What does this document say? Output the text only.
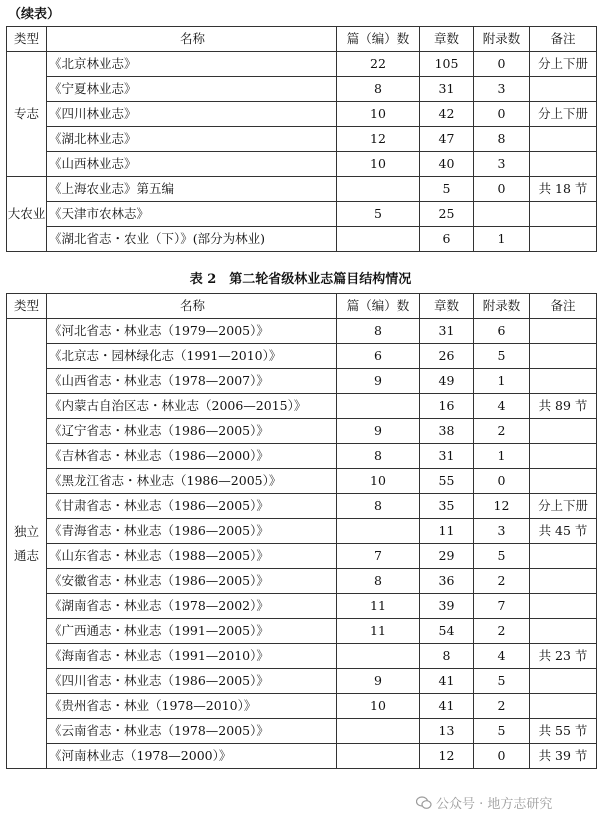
（续表）
类型	名称	篇（编）数	章数	附录数	备注
专志	《北京林业志》	22	105	0	分上下册
	《宁夏林业志》	8	31	3	
	《四川林业志》	10	42	0	分上下册
	《湖北林业志》	12	47	8	
	《山西林业志》	10	40	3	
大农业	《上海农业志》第五编		5	0	共 18 节
	《天津市农林志》	5	25		
	《湖北省志・农业（下）》(部分为林业)		6	1	
表 2　第二轮省级林业志篇目结构情况
类型	名称	篇（编）数	章数	附录数	备注
独立
通志	《河北省志・林业志（1979—2005）》	8	31	6	
	《北京志・园林绿化志（1991—2010）》	6	26	5	
	《山西省志・林业志（1978—2007）》	9	49	1	
	《内蒙古自治区志・林业志（2006—2015）》		16	4	共 89 节
	《辽宁省志・林业志（1986—2005）》	9	38	2	
	《吉林省志・林业志（1986—2000）》	8	31	1	
	《黑龙江省志・林业志（1986—2005）》	10	55	0	
	《甘肃省志・林业志（1986—2005）》	8	35	12	分上下册
	《青海省志・林业志（1986—2005）》		11	3	共 45 节
	《山东省志・林业志（1988—2005）》	7	29	5	
	《安徽省志・林业志（1986—2005）》	8	36	2	
	《湖南省志・林业志（1978—2002）》	11	39	7	
	《广西通志・林业志（1991—2005）》	11	54	2	
	《海南省志・林业志（1991—2010）》		8	4	共 23 节
	《四川省志・林业志（1986—2005）》	9	41	5	
	《贵州省志・林业（1978—2010）》	10	41	2	
	《云南省志・林业志（1978—2005）》		13	5	共 55 节
	《河南林业志（1978—2000）》		12	0	共 39 节
公众号 · 地方志研究
